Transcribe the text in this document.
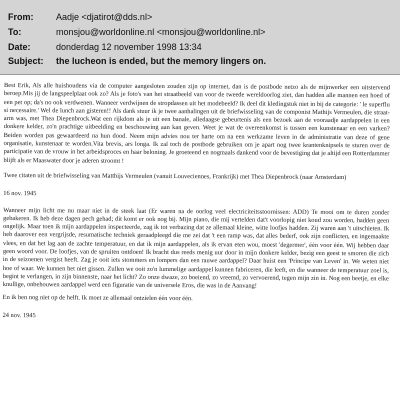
From:	Aadje <djatirot@dds.nl>
To:	monsjou@worldonline.nl <monsjou@worldonline.nl>
Date:	donderdag 12 november 1998 13:34
Subject: the lucheon is ended, but the memory lingers on.

Best Erik, Als alle huishoudens via de computer aangesloten zouden zijn op internet, dan is de postbode netzo als de mijnwerker een uitstervend beroep.Mis jij de langspeelplaat ook zo? Als je foto's van het straatbeeld van voor de tweede wereldoorlog ziet, dan hadden alle mannen een hoed of een pet op; da's no ook verdwenen. Wanneer verdwijnen de stropdassen uit het modebeeld? Ik deel dit kledingstuk niet in bij de categorie: ' le superflu si necessaire.' Wel de lunch aan gisteren!! Als dank stuur ik je twee aanhalingen uit de briefwisseling van de componist Mathijs Vermeulen, die straat-arm was, met Thea Diepenbrock.Wat een rijkdom als je uit een banale, alledaagse gebeurtenis als een bezoek aan de vooraadje aardappelen in een donkere kelder, zo'n prachtige uitbeelding en beschouwing aan kan geven. Weet je wat de overeenkomst is tussen een kunstenaar en een varken? Beiden worden pas gewaardeerd na hun dood. Neem mijn advies nou ter harte om na een werkzame leven in de administratie van deze of gene organisatie, kunstenaar te worden.Vita brevis, ars longa. Ik zal toch de postbode gebruiken om je apart nog twee krantenknipsels te sturen over de participatie van de vrouw in het arbeidsproces en haar beloning. Je groeteend en nogmaals dankend voor de bevestiging dat je altijd een Rotterdammer blijft als er Maaswater door je aderen stroomt !

Twee citaten uit de briefwisseling van Matthijs Vermeulen (vanuit Louveciennes, Frankrijk) met Thea Diepenbrock (naar Amsterdam)

16 nov. 1945

Wanneer mijn licht me nu maar niet in de steek laat (Er waren na de oorlog veel electriciteitsstoornissen: ADD) Te mooi om te duren zonder gebakeren. Ik heb deze dagen pech gehad; dit komt er ook nog bij. Mijn piano, die mij vertelden dat't voorlopig niet koud zou worden, hadden geen ongelijk. Maar toen ik mijn aardappelen inspecteerde, zag ik tot verbazing dat ze allemaal kleine, witte loofjes hadden. Zij waren aan 't uitschieten. Ik heb daarover een vergrijsde, resumatische techniek geraadpleegd die me zei dat 't een ramp was, dat alles bederf, ook zijn conflicten, en ingemaakte vlees, en dat het lag aan de zachte temperatuur, en dat ik mijn aardappelen, als ik ervan eten wou, moest 'degermer', één voor één. Wij hebben daar geen woord voor. De loofjes, van de spruiten ontdoen! Ik bracht dus reeds menig uur door in mijn donkere kelder, bezig een geest te smoren die zich in de seizoenen vergist heeft. Zag je ooit iets stommers en lompers dan een rauwe aardappel? Daar huist een 'Principe van Leven' in. We weten niet hoe of waar. We kunnen het niet gissen. Zullen we ooit zo'n lummelige aardappel kunnen fabriceren, die leeft, en die wanneer de temperatuur zoel is, begint te verlangen, in zijn binnenste, naar het licht? Zo onze dwaze, zo boeiend, zo vreemd, zo vervoerend, tegen mijn zin in. Nog een beetje, en elke knullige, onbehouwen aardappel werd een figuratie van de universele Eros, die was in de Aanvang!

En ik ben nog niet op de helft. Ik moet ze allemaal ontzielen één voor één.

24 nov. 1945
